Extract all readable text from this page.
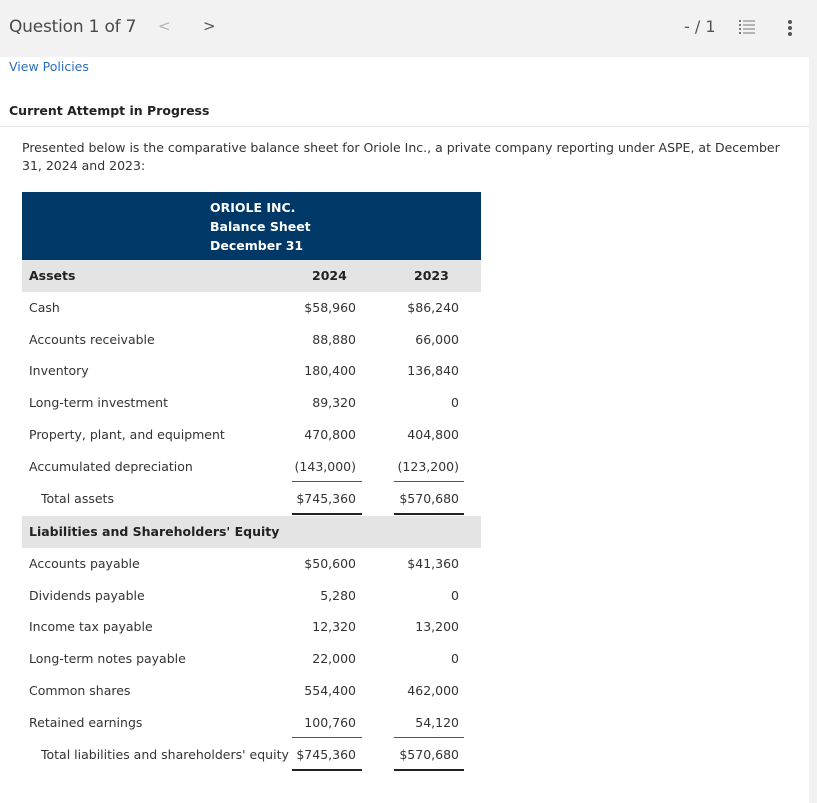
Question 1 of 7 < >	- / 1
View Policies
Current Attempt in Progress
Presented below is the comparative balance sheet for Oriole Inc., a private company reporting under ASPE, at December 31, 2024 and 2023:
ORIOLE INC.
Balance Sheet
December 31
Assets	2024	2023
Cash	$58,960	$86,240
Accounts receivable	88,880	66,000
Inventory	180,400	136,840
Long-term investment	89,320	0
Property, plant, and equipment	470,800	404,800
Accumulated depreciation	(143,000)	(123,200)
Total assets	$745,360	$570,680
Liabilities and Shareholders' Equity
Accounts payable	$50,600	$41,360
Dividends payable	5,280	0
Income tax payable	12,320	13,200
Long-term notes payable	22,000	0
Common shares	554,400	462,000
Retained earnings	100,760	54,120
Total liabilities and shareholders' equity $745,360	$570,680
